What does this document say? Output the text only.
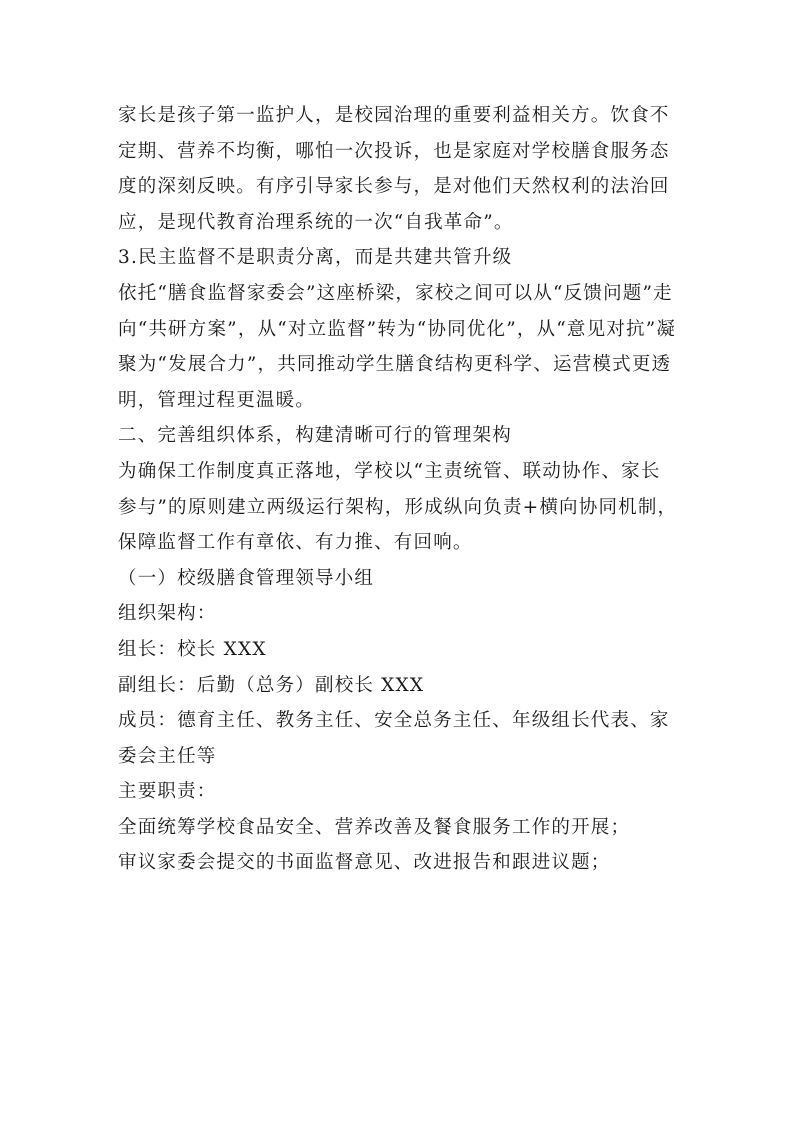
家长是孩子第一监护人，是校园治理的重要利益相关方。饮食不
定期、营养不均衡，哪怕一次投诉，也是家庭对学校膳食服务态
度的深刻反映。有序引导家长参与，是对他们天然权利的法治回
应，是现代教育治理系统的一次“自我革命”。
3.民主监督不是职责分离，而是共建共管升级
依托“膳食监督家委会”这座桥梁，家校之间可以从“反馈问题”走
向“共研方案”，从“对立监督”转为“协同优化”，从“意见对抗”凝
聚为“发展合力”，共同推动学生膳食结构更科学、运营模式更透
明，管理过程更温暖。
二、完善组织体系，构建清晰可行的管理架构
为确保工作制度真正落地，学校以“主责统管、联动协作、家长
参与”的原则建立两级运行架构，形成纵向负责+横向协同机制，
保障监督工作有章依、有力推、有回响。
（一）校级膳食管理领导小组
组织架构：
组长：校长 XXX
副组长：后勤（总务）副校长 XXX
成员：德育主任、教务主任、安全总务主任、年级组长代表、家
委会主任等
主要职责：
全面统筹学校食品安全、营养改善及餐食服务工作的开展；
审议家委会提交的书面监督意见、改进报告和跟进议题；
